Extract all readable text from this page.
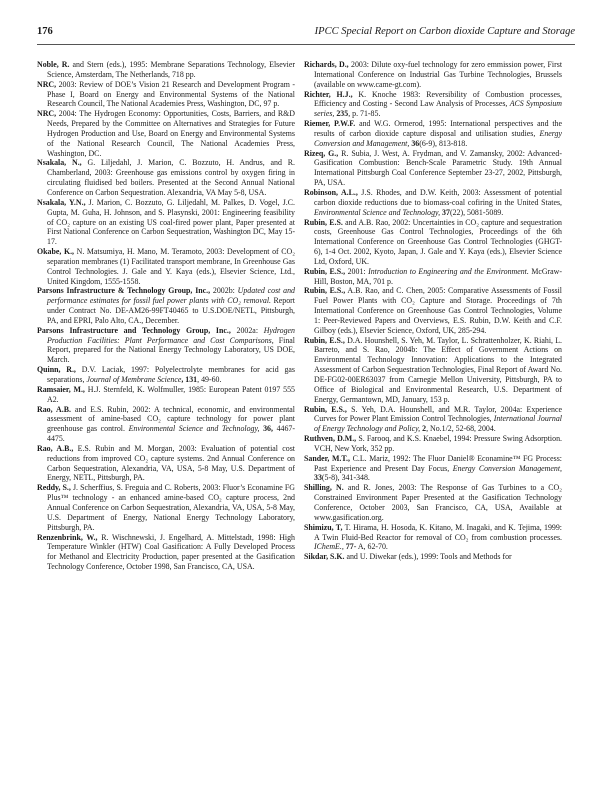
176	IPCC Special Report on Carbon dioxide Capture and Storage

Noble, R. and Stern (eds.), 1995: Membrane Separations Technology, Elsevier Science, Amsterdam, The Netherlands, 718 pp.

NRC, 2003: Review of DOE’s Vision 21 Research and Development Program - Phase I, Board on Energy and Environmental Systems of the National Research Council, The National Academies Press, Washington, DC, 97 p.

NRC, 2004: The Hydrogen Economy: Opportunities, Costs, Barriers, and R&D Needs, Prepared by the Committee on Alternatives and Strategies for Future Hydrogen Production and Use, Board on Energy and Environmental Systems of the National Research Council, The National Academies Press, Washington, DC.

Nsakala, N., G. Liljedahl, J. Marion, C. Bozzuto, H. Andrus, and R. Chamberland, 2003: Greenhouse gas emissions control by oxygen firing in circulating fluidised bed boilers. Presented at the Second Annual National Conference on Carbon Sequestration. Alexandria, VA May 5-8, USA.

Nsakala, Y.N., J. Marion, C. Bozzuto, G. Liljedahl, M. Palkes, D. Vogel, J.C. Gupta, M. Guha, H. Johnson, and S. Plasynski, 2001: Engineering feasibility of CO₂ capture on an existing US coal-fired power plant, Paper presented at First National Conference on Carbon Sequestration, Washington DC, May 15-17.

Okabe, K., N. Matsumiya, H. Mano, M. Teramoto, 2003: Development of CO₂ separation membranes (1) Facilitated transport membrane, In Greenhouse Gas Control Technologies. J. Gale and Y. Kaya (eds.), Elsevier Science, Ltd., United Kingdom, 1555-1558.

Parsons Infrastructure & Technology Group, Inc., 2002b: Updated cost and performance estimates for fossil fuel power plants with CO₂ removal. Report under Contract No. DE-AM26-99FT40465 to U.S.DOE/NETL, Pittsburgh, PA, and EPRI, Palo Alto, CA., December.

Parsons Infrastructure and Technology Group, Inc., 2002a: Hydrogen Production Facilities: Plant Performance and Cost Comparisons, Final Report, prepared for the National Energy Technology Laboratory, US DOE, March.

Quinn, R., D.V. Laciak, 1997: Polyelectrolyte membranes for acid gas separations, Journal of Membrane Science, 131, 49-60.

Ramsaier, M., H.J. Sternfeld, K. Wolfmuller, 1985: European Patent 0197 555 A2.

Rao, A.B. and E.S. Rubin, 2002: A technical, economic, and environmental assessment of amine-based CO₂ capture technology for power plant greenhouse gas control. Environmental Science and Technology, 36, 4467-4475.

Rao, A.B., E.S. Rubin and M. Morgan, 2003: Evaluation of potential cost reductions from improved CO₂ capture systems. 2nd Annual Conference on Carbon Sequestration, Alexandria, VA, USA, 5-8 May, U.S. Department of Energy, NETL, Pittsburgh, PA.

Reddy, S., J. Scherffius, S. Freguia and C. Roberts, 2003: Fluor’s Econamine FG Plus™ technology - an enhanced amine-based CO₂ capture process, 2nd Annual Conference on Carbon Sequestration, Alexandria, VA, USA, 5-8 May, U.S. Department of Energy, National Energy Technology Laboratory, Pittsburgh, PA.

Renzenbrink, W., R. Wischnewski, J. Engelhard, A. Mittelstadt, 1998: High Temperature Winkler (HTW) Coal Gasification: A Fully Developed Process for Methanol and Electricity Production, paper presented at the Gasification Technology Conference, October 1998, San Francisco, CA, USA.

Richards, D., 2003: Dilute oxy-fuel technology for zero emmission power, First International Conference on Industrial Gas Turbine Technologies, Brussels (available on www.came-gt.com).

Richter, H.J., K. Knoche 1983: Reversibility of Combustion processes, Efficiency and Costing - Second Law Analysis of Processes, ACS Symposium series, 235, p. 71-85.

Riemer, P.W.F. and W.G. Ormerod, 1995: International perspectives and the results of carbon dioxide capture disposal and utilisation studies, Energy Conversion and Management, 36(6-9), 813-818.

Rizeq, G., R. Subia, J. West, A. Frydman, and V. Zamansky, 2002: Advanced-Gasification Combustion: Bench-Scale Parametric Study. 19th Annual International Pittsburgh Coal Conference September 23-27, 2002, Pittsburgh, PA, USA.

Robinson, A.L., J.S. Rhodes, and D.W. Keith, 2003: Assessment of potential carbon dioxide reductions due to biomass-coal cofiring in the United States, Environmental Science and Technology, 37(22), 5081-5089.

Rubin, E.S. and A.B. Rao, 2002: Uncertainties in CO₂ capture and sequestration costs, Greenhouse Gas Control Technologies, Proceedings of the 6th International Conference on Greenhouse Gas Control Technologies (GHGT-6), 1-4 Oct. 2002, Kyoto, Japan, J. Gale and Y. Kaya (eds.), Elsevier Science Ltd, Oxford, UK.

Rubin, E.S., 2001: Introduction to Engineering and the Environment. McGraw-Hill, Boston, MA, 701 p.

Rubin, E.S., A.B. Rao, and C. Chen, 2005: Comparative Assessments of Fossil Fuel Power Plants with CO₂ Capture and Storage. Proceedings of 7th International Conference on Greenhouse Gas Control Technologies, Volume 1: Peer-Reviewed Papers and Overviews, E.S. Rubin, D.W. Keith and C.F. Gilboy (eds.), Elsevier Science, Oxford, UK, 285-294.

Rubin, E.S., D.A. Hounshell, S. Yeh, M. Taylor, L. Schrattenholzer, K. Riahi, L. Barreto, and S. Rao, 2004b: The Effect of Government Actions on Environmental Technology Innovation: Applications to the Integrated Assessment of Carbon Sequestration Technologies, Final Report of Award No. DE-FG02-00ER63037 from Carnegie Mellon University, Pittsburgh, PA to Office of Biological and Environmental Research, U.S. Department of Energy, Germantown, MD, January, 153 p.

Rubin, E.S., S. Yeh, D.A. Hounshell, and M.R. Taylor, 2004a: Experience Curves for Power Plant Emission Control Technologies, International Journal of Energy Technology and Policy, 2, No.1/2, 52-68, 2004.

Ruthven, D.M., S. Farooq, and K.S. Knaebel, 1994: Pressure Swing Adsorption. VCH, New York, 352 pp.

Sander, M.T., C.L. Mariz, 1992: The Fluor Daniel® Econamine™ FG Process: Past Experience and Present Day Focus, Energy Conversion Management, 33(5-8), 341-348.

Shilling, N. and R. Jones, 2003: The Response of Gas Turbines to a CO₂ Constrained Environment Paper Presented at the Gasification Technology Conference, October 2003, San Francisco, CA, USA, Available at www.gasification.org.

Shimizu, T, T. Hirama, H. Hosoda, K. Kitano, M. Inagaki, and K. Tejima, 1999: A Twin Fluid-Bed Reactor for removal of CO₂ from combustion processes. IChemE., 77- A, 62-70.

Sikdar, S.K. and U. Diwekar (eds.), 1999: Tools and Methods for
